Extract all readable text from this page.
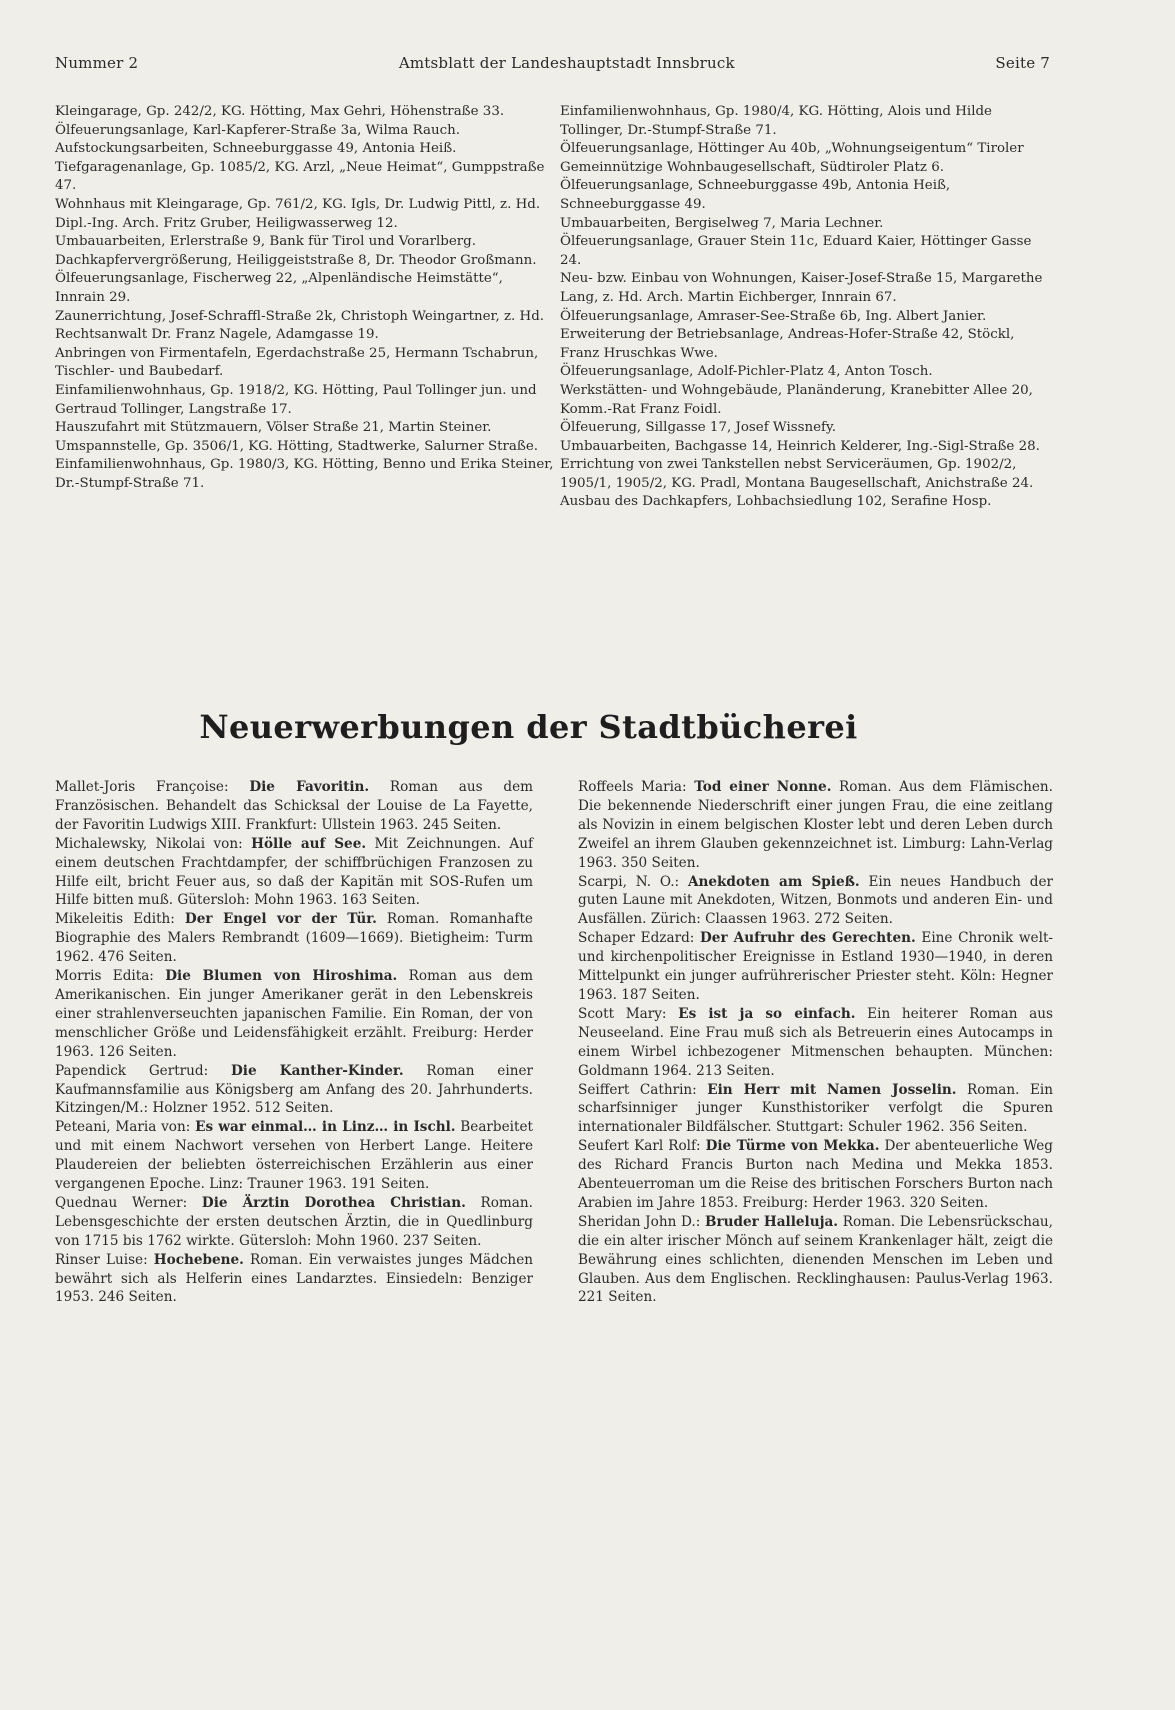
Nummer 2	Amtsblatt der Landeshauptstadt Innsbruck	Seite 7

Kleingarage, Gp. 242/2, KG. Hötting, Max Gehri, Höhenstraße 33.

Ölfeuerungsanlage, Karl-Kapferer-Straße 3a, Wilma Rauch.

Aufstockungsarbeiten, Schneeburggasse 49, Antonia Heiß.

Tiefgaragenanlage, Gp. 1085/2, KG. Arzl, „Neue Heimat“, Gumppstraße 47.

Wohnhaus mit Kleingarage, Gp. 761/2, KG. Igls, Dr. Ludwig Pittl, z. Hd. Dipl.-Ing. Arch. Fritz Gruber, Heiligwasserweg 12.

Umbauarbeiten, Erlerstraße 9, Bank für Tirol und Vorarlberg.

Dachkapfervergrößerung, Heiliggeiststraße 8, Dr. Theodor Großmann.

Ölfeuerungsanlage, Fischerweg 22, „Alpenländische Heimstätte“, Innrain 29.

Zaunerrichtung, Josef-Schraffl-Straße 2k, Christoph Weingartner, z. Hd. Rechtsanwalt Dr. Franz Nagele, Adamgasse 19.

Anbringen von Firmentafeln, Egerdachstraße 25, Hermann Tschabrun, Tischler- und Baubedarf.

Einfamilienwohnhaus, Gp. 1918/2, KG. Hötting, Paul Tollinger jun. und Gertraud Tollinger, Langstraße 17.

Hauszufahrt mit Stützmauern, Völser Straße 21, Martin Steiner.

Umspannstelle, Gp. 3506/1, KG. Hötting, Stadtwerke, Salurner Straße.

Einfamilienwohnhaus, Gp. 1980/3, KG. Hötting, Benno und Erika Steiner, Dr.-Stumpf-Straße 71.

Einfamilienwohnhaus, Gp. 1980/4, KG. Hötting, Alois und Hilde Tollinger, Dr.-Stumpf-Straße 71.

Ölfeuerungsanlage, Höttinger Au 40b, „Wohnungseigentum“ Tiroler Gemeinnützige Wohnbaugesellschaft, Südtiroler Platz 6.

Ölfeuerungsanlage, Schneeburggasse 49b, Antonia Heiß, Schneeburggasse 49.

Umbauarbeiten, Bergiselweg 7, Maria Lechner.

Ölfeuerungsanlage, Grauer Stein 11c, Eduard Kaier, Höttinger Gasse 24.

Neu- bzw. Einbau von Wohnungen, Kaiser-Josef-Straße 15, Margarethe Lang, z. Hd. Arch. Martin Eichberger, Innrain 67.

Ölfeuerungsanlage, Amraser-See-Straße 6b, Ing. Albert Janier.

Erweiterung der Betriebsanlage, Andreas-Hofer-Straße 42, Stöckl, Franz Hruschkas Wwe.

Ölfeuerungsanlage, Adolf-Pichler-Platz 4, Anton Tosch.

Werkstätten- und Wohngebäude, Planänderung, Kranebitter Allee 20, Komm.-Rat Franz Foidl.

Ölfeuerung, Sillgasse 17, Josef Wissnefy.

Umbauarbeiten, Bachgasse 14, Heinrich Kelderer, Ing.-Sigl-Straße 28.

Errichtung von zwei Tankstellen nebst Serviceräumen, Gp. 1902/2, 1905/1, 1905/2, KG. Pradl, Montana Baugesellschaft, Anichstraße 24.

Ausbau des Dachkapfers, Lohbachsiedlung 102, Serafine Hosp.

Neuerwerbungen der Stadtbücherei

Mallet-Joris Françoise: Die Favoritin. Roman aus dem Französischen. Behandelt das Schicksal der Louise de La Fayette, der Favoritin Ludwigs XIII. Frankfurt: Ullstein 1963. 245 Seiten.

Michalewsky, Nikolai von: Hölle auf See. Mit Zeichnungen. Auf einem deutschen Frachtdampfer, der schiffbrüchigen Franzosen zu Hilfe eilt, bricht Feuer aus, so daß der Kapitän mit SOS-Rufen um Hilfe bitten muß. Gütersloh: Mohn 1963. 163 Seiten.

Mikeleitis Edith: Der Engel vor der Tür. Roman. Romanhafte Biographie des Malers Rembrandt (1609—1669). Bietigheim: Turm 1962. 476 Seiten.

Morris Edita: Die Blumen von Hiroshima. Roman aus dem Amerikanischen. Ein junger Amerikaner gerät in den Lebenskreis einer strahlenverseuchten japanischen Familie. Ein Roman, der von menschlicher Größe und Leidensfähigkeit erzählt. Freiburg: Herder 1963. 126 Seiten.

Papendick Gertrud: Die Kanther-Kinder. Roman einer Kaufmannsfamilie aus Königsberg am Anfang des 20. Jahrhunderts. Kitzingen/M.: Holzner 1952. 512 Seiten.

Peteani, Maria von: Es war einmal… in Linz… in Ischl. Bearbeitet und mit einem Nachwort versehen von Herbert Lange. Heitere Plaudereien der beliebten österreichischen Erzählerin aus einer vergangenen Epoche. Linz: Trauner 1963. 191 Seiten.

Quednau Werner: Die Ärztin Dorothea Christian. Roman. Lebensgeschichte der ersten deutschen Ärztin, die in Quedlinburg von 1715 bis 1762 wirkte. Gütersloh: Mohn 1960. 237 Seiten.

Rinser Luise: Hochebene. Roman. Ein verwaistes junges Mädchen bewährt sich als Helferin eines Landarztes. Einsiedeln: Benziger 1953. 246 Seiten.

Roffeels Maria: Tod einer Nonne. Roman. Aus dem Flämischen. Die bekennende Niederschrift einer jungen Frau, die eine zeitlang als Novizin in einem belgischen Kloster lebt und deren Leben durch Zweifel an ihrem Glauben gekennzeichnet ist. Limburg: Lahn-Verlag 1963. 350 Seiten.

Scarpi, N. O.: Anekdoten am Spieß. Ein neues Handbuch der guten Laune mit Anekdoten, Witzen, Bonmots und anderen Ein- und Ausfällen. Zürich: Claassen 1963. 272 Seiten.

Schaper Edzard: Der Aufruhr des Gerechten. Eine Chronik welt- und kirchenpolitischer Ereignisse in Estland 1930—1940, in deren Mittelpunkt ein junger aufrührerischer Priester steht. Köln: Hegner 1963. 187 Seiten.

Scott Mary: Es ist ja so einfach. Ein heiterer Roman aus Neuseeland. Eine Frau muß sich als Betreuerin eines Autocamps in einem Wirbel ichbezogener Mitmenschen behaupten. München: Goldmann 1964. 213 Seiten.

Seiffert Cathrin: Ein Herr mit Namen Josselin. Roman. Ein scharfsinniger junger Kunsthistoriker verfolgt die Spuren internationaler Bildfälscher. Stuttgart: Schuler 1962. 356 Seiten.

Seufert Karl Rolf: Die Türme von Mekka. Der abenteuerliche Weg des Richard Francis Burton nach Medina und Mekka 1853. Abenteuerroman um die Reise des britischen Forschers Burton nach Arabien im Jahre 1853. Freiburg: Herder 1963. 320 Seiten.

Sheridan John D.: Bruder Halleluja. Roman. Die Lebensrückschau, die ein alter irischer Mönch auf seinem Krankenlager hält, zeigt die Bewährung eines schlichten, dienenden Menschen im Leben und Glauben. Aus dem Englischen. Recklinghausen: Paulus-Verlag 1963. 221 Seiten.
